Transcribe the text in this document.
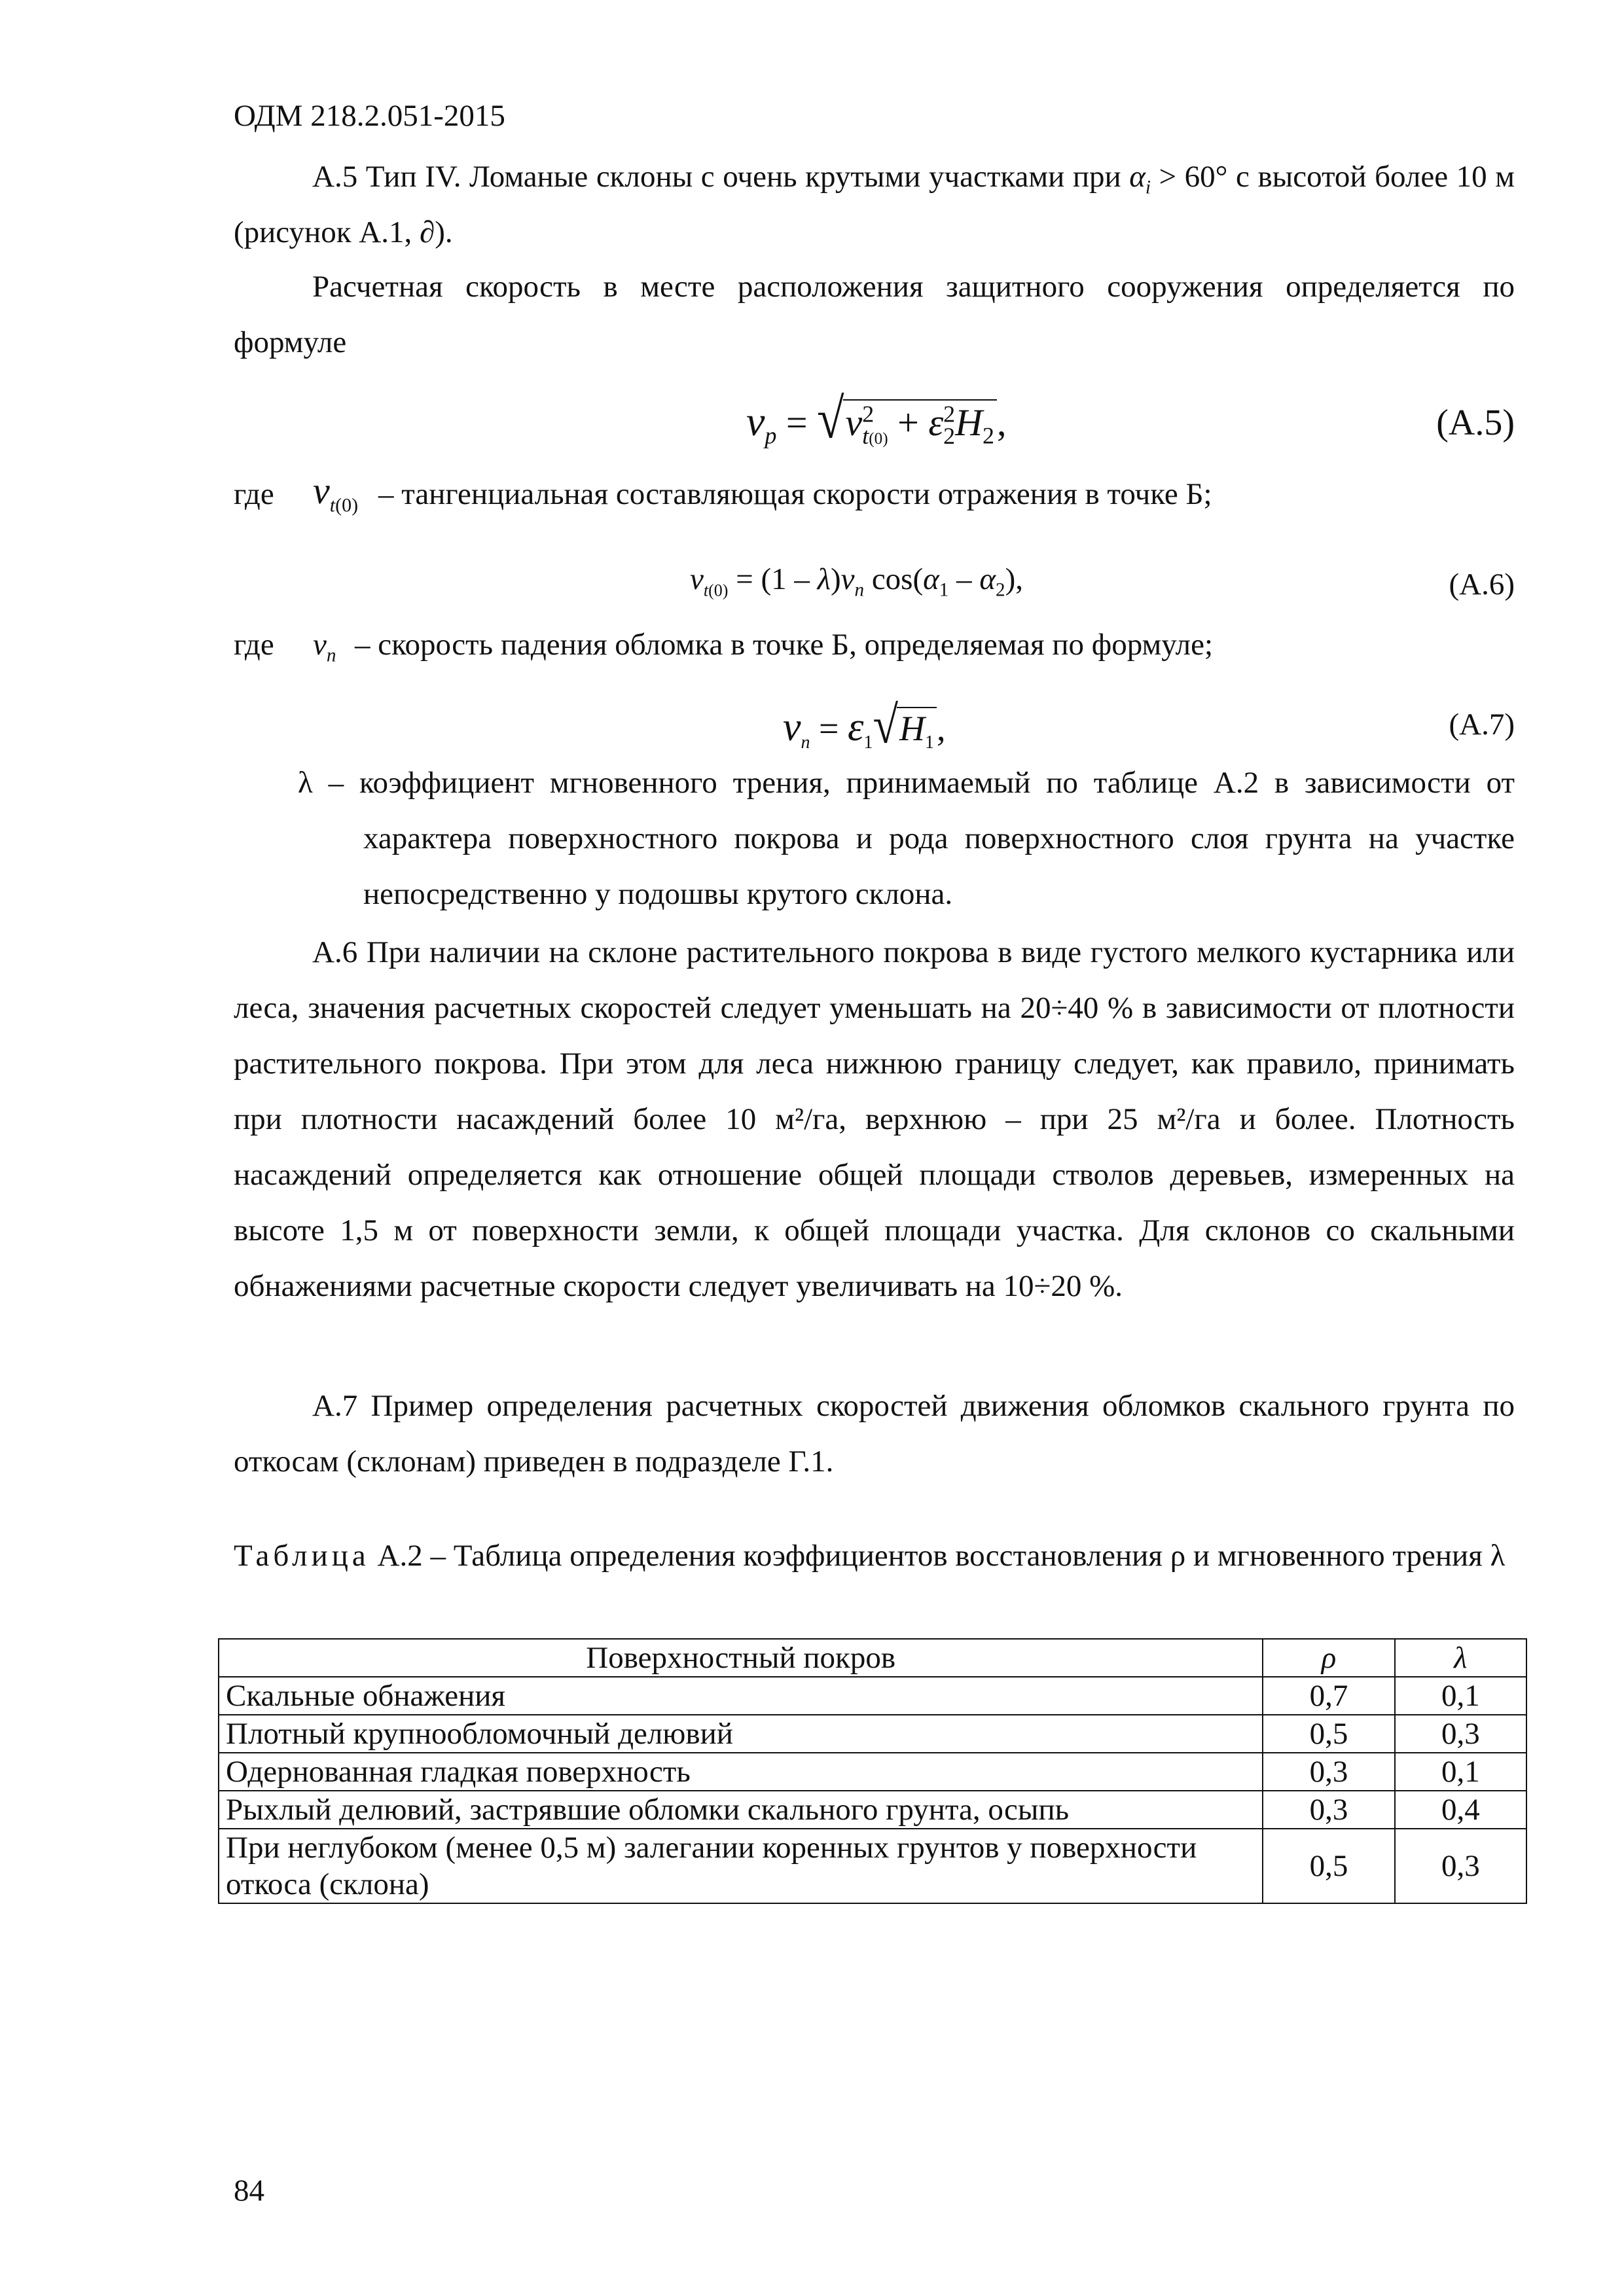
ОДМ 218.2.051-2015
А.5 Тип IV. Ломаные склоны с очень крутыми участками при $\alpha_i > 60^\circ$ с высотой более 10 м (рисунок А.1, ∂).
Расчетная скорость в месте расположения защитного сооружения определяется по формуле
$v_p = √v^2_{t(0)} + \varepsilon^2_2H_2$,	(А.5)
где $v_{t(0)}$ – тангенциальная составляющая скорости отражения в точке Б;
$v_{t(0)} = (1 - \lambda)v_n$ $\cos(\alpha_1 - \alpha_2)$,	(А.6)
где $v_n$ – скорость падения обломка в точке Б, определяемая по формуле;
$v_n = \varepsilon_1√H_1$,	(А.7)
λ – коэффициент мгновенного трения, принимаемый по таблице А.2 в зависимости от характера поверхностного покрова и рода поверхностного слоя грунта на участке непосредственно у подошвы крутого склона.
А.6 При наличии на склоне растительного покрова в виде густого мелкого кустарника или леса, значения расчетных скоростей следует уменьшать на 20÷40 % в зависимости от плотности растительного покрова. При этом для леса нижнюю границу следует, как правило, принимать при плотности насаждений более 10 м²/га, верхнюю – при 25 м²/га и более. Плотность насаждений определяется как отношение общей площади стволов деревьев, измеренных на высоте 1,5 м от поверхности земли, к общей площади участка. Для склонов со скальными обнажениями расчетные скорости следует увеличивать на 10÷20 %.
А.7 Пример определения расчетных скоростей движения обломков скального грунта по откосам (склонам) приведен в подразделе Г.1.
Таблица А.2 – Таблица определения коэффициентов восстановления ρ и мгновенного трения λ
Поверхностный покров	ρ	λ
Скальные обнажения	0,7	0,1
Плотный крупнообломочный делювий	0,5	0,3
Одернованная гладкая поверхность	0,3	0,1
Рыхлый делювий, застрявшие обломки скального грунта, осыпь	0,3	0,4
При неглубоком (менее 0,5 м) залегании коренных грунтов у поверхности откоса (склона)	0,5	0,3
84
